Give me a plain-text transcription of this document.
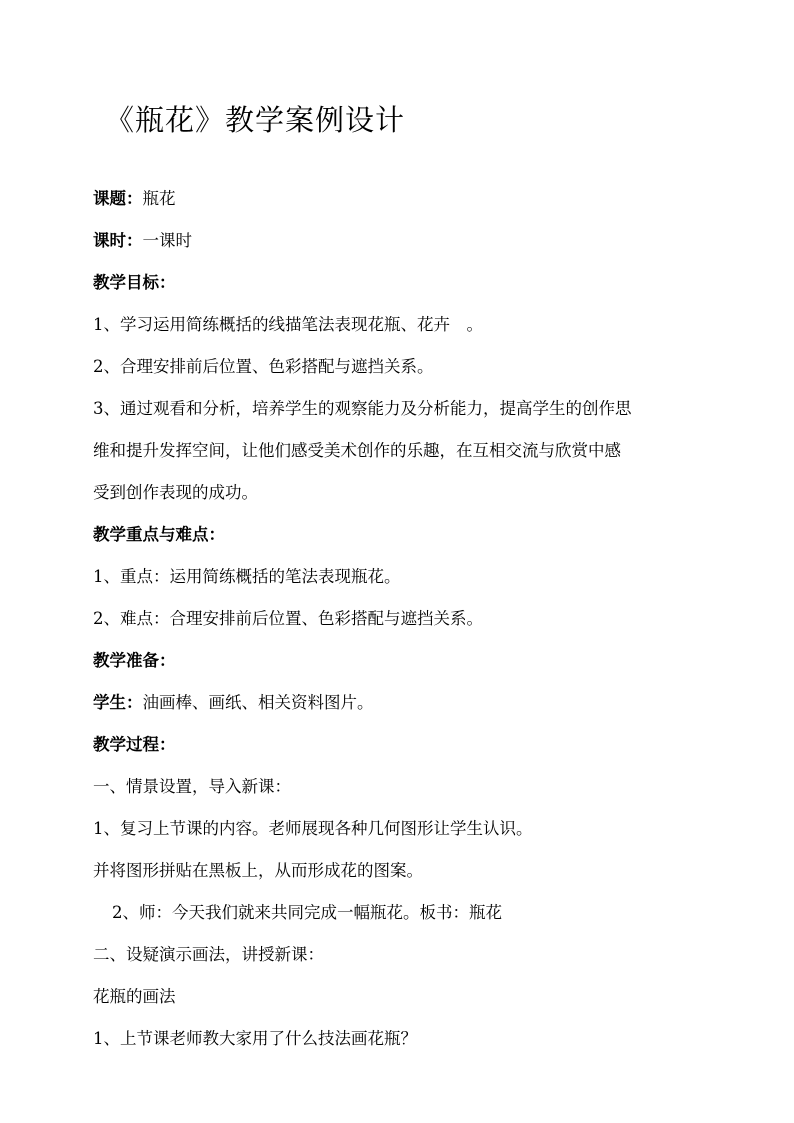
《瓶花》教学案例设计
课题：瓶花
课时：一课时
教学目标：
1、学习运用简练概括的线描笔法表现花瓶、花卉　。
2、合理安排前后位置、色彩搭配与遮挡关系。
3、通过观看和分析，培养学生的观察能力及分析能力，提高学生的创作思
维和提升发挥空间，让他们感受美术创作的乐趣，在互相交流与欣赏中感
受到创作表现的成功。
教学重点与难点：
1、重点：运用简练概括的笔法表现瓶花。
2、难点：合理安排前后位置、色彩搭配与遮挡关系。
教学准备：
学生：油画棒、画纸、相关资料图片。
教学过程：
一、情景设置，导入新课：
1、复习上节课的内容。老师展现各种几何图形让学生认识。
并将图形拼贴在黑板上，从而形成花的图案。
2、师：今天我们就来共同完成一幅瓶花。板书：瓶花
二、设疑演示画法，讲授新课：
花瓶的画法
1、上节课老师教大家用了什么技法画花瓶？
